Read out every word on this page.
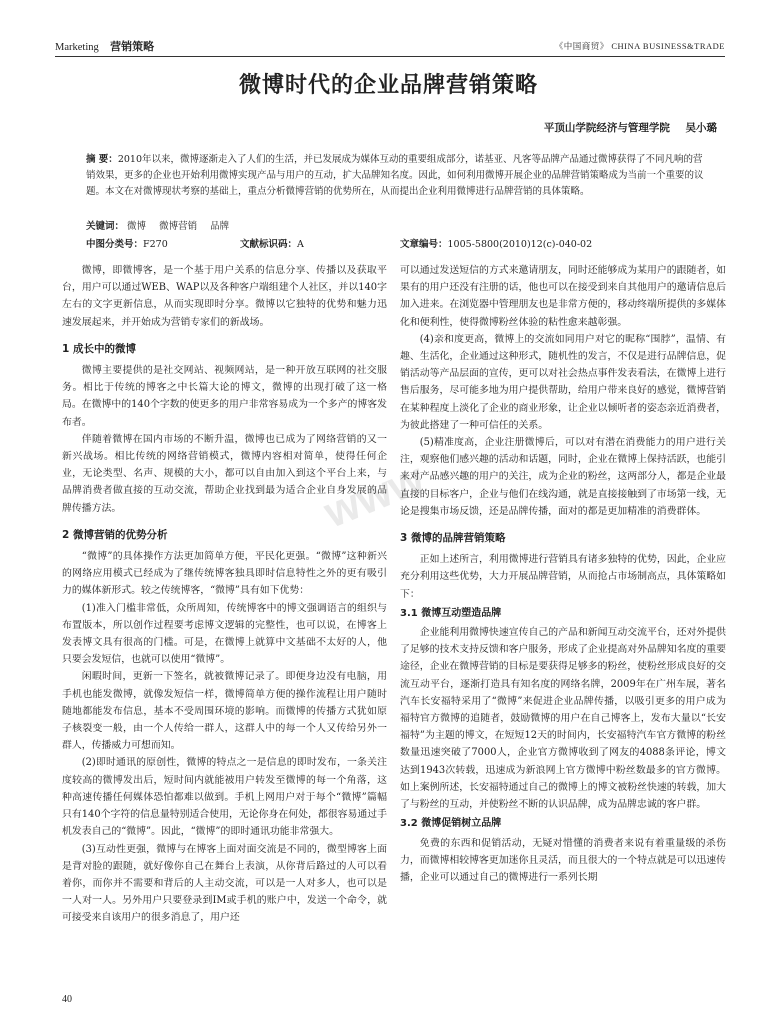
Marketing 营销策略	《中国商贸》 CHINA BUSINESS&TRADE
www
微博时代的企业品牌营销策略
平顶山学院经济与管理学院 吴小璐
摘 要：2010年以来，微博逐渐走入了人们的生活，并已发展成为媒体互动的重要组成部分，诺基亚、凡客等品牌产品通过微博获得了不同凡响的营销效果，更多的企业也开始利用微博实现产品与用户的互动，扩大品牌知名度。因此，如何利用微博开展企业的品牌营销策略成为当前一个重要的议题。本文在对微博现状考察的基础上，重点分析微博营销的优势所在，从而提出企业利用微博进行品牌营销的具体策略。
关键词： 微博 微博营销 品牌
中图分类号：F270	文献标识码：A	文章编号：1005-5800(2010)12(c)-040-02

微博，即微博客，是一个基于用户关系的信息分享、传播以及获取平台，用户可以通过WEB、WAP以及各种客户端组建个人社区，并以140字左右的文字更新信息，从而实现即时分享。微博以它独特的优势和魅力迅速发展起来，并开始成为营销专家们的新战场。

1 成长中的微博

微博主要提供的是社交网站、视频网站，是一种开放互联网的社交服务。相比于传统的博客之中长篇大论的博文，微博的出现打破了这一格局。在微博中的140个字数的使更多的用户非常容易成为一个多产的博客发布者。

伴随着微博在国内市场的不断升温，微博也已成为了网络营销的又一新兴战场。相比传统的网络营销模式，微博内容相对简单，使得任何企业，无论类型、名声、规模的大小，都可以自由加入到这个平台上来，与品牌消费者做直接的互动交流，帮助企业找到最为适合企业自身发展的品牌传播方法。

2 微博营销的优势分析

“微博”的具体操作方法更加简单方便，平民化更强。“微博”这种新兴的网络应用模式已经成为了继传统博客独具即时信息特性之外的更有吸引力的媒体新形式。较之传统博客，“微博”具有如下优势：

(1)准入门槛非常低，众所周知，传统博客中的博文强调语言的组织与布置版本，所以创作过程要考虑博文逻辑的完整性，也可以说，在博客上发表博文具有很高的门槛。可是，在微博上就算中文基础不太好的人，他只要会发短信，也就可以使用“微博”。

闲暇时间，更新一下签名，就被微博记录了。即便身边没有电脑，用手机也能发微博，就像发短信一样，微博简单方便的操作流程让用户随时随地都能发布信息，基本不受周围环境的影响。而微博的传播方式犹如原子核裂变一般，由一个人传给一群人，这群人中的每一个人又传给另外一群人，传播威力可想而知。

(2)即时通讯的原创性，微博的特点之一是信息的即时发布，一条关注度较高的微博发出后，短时间内就能被用户转发至微博的每一个角落，这种高速传播任何媒体恐怕都难以做到。手机上网用户对于每个“微博”篇幅只有140个字符的信息量特别适合使用，无论你身在何处，都很容易通过手机发表自己的“微博”。因此，“微博”的即时通讯功能非常强大。

(3)互动性更强，微博与在博客上面对面交流是不同的，微型博客上面是背对脸的跟随，就好像你自己在舞台上表演，从你背后路过的人可以看着你，而你并不需要和背后的人主动交流，可以是一人对多人，也可以是一人对一人。另外用户只要登录到IM或手机的账户中，发送一个命令，就可接受来自该用户的很多消息了，用户还

可以通过发送短信的方式来邀请朋友，同时还能够成为某用户的跟随者，如果有的用户还没有注册的话，他也可以在接受到来自其他用户的邀请信息后加入进来。在浏览器中管理朋友也是非常方便的，移动终端所提供的多媒体化和便利性，使得微博粉丝体验的粘性愈来越彰强。

(4)亲和度更高，微博上的交流如同用户对它的昵称“围脖”，温情、有趣、生活化，企业通过这种形式，随机性的发言，不仅是进行品牌信息，促销活动等产品层面的宣传，更可以对社会热点事件发表看法，在微博上进行售后服务，尽可能多地为用户提供帮助，给用户带来良好的感觉，微博营销在某种程度上淡化了企业的商业形象，让企业以倾听者的姿态亲近消费者，为彼此搭建了一种可信任的关系。

(5)精准度高，企业注册微博后，可以对有潜在消费能力的用户进行关注，观察他们感兴趣的活动和话题，同时，企业在微博上保持活跃，也能引来对产品感兴趣的用户的关注，成为企业的粉丝，这两部分人，都是企业最直接的目标客户，企业与他们在线沟通，就是直接接触到了市场第一线，无论是搜集市场反馈，还是品牌传播，面对的都是更加精准的消费群体。

3 微博的品牌营销策略

正如上述所言，利用微博进行营销具有诸多独特的优势，因此，企业应充分利用这些优势，大力开展品牌营销，从而抢占市场制高点，具体策略如下：

3.1 微博互动塑造品牌

企业能利用微博快速宣传自己的产品和新闻互动交流平台，还对外提供了足够的技术支持反馈和客户服务，形成了企业提高对外品牌知名度的重要途径，企业在微博营销的目标是要获得足够多的粉丝，使粉丝形成良好的交流互动平台，逐渐打造具有知名度的网络名牌，2009年在广州车展，著名汽车长安福特采用了“微博”来促进企业品牌传播，以吸引更多的用户成为福特官方微博的追随者，鼓励微博的用户在自己博客上，发布大量以“长安福特”为主题的博文，在短短12天的时间内，长安福特汽车官方微博的粉丝数量迅速突破了7000人，企业官方微博收到了网友的4088条评论，博文达到1943次转载，迅速成为新浪网上官方微博中粉丝数最多的官方微博。如上案例所述，长安福特通过自己的微博上的博文被粉丝快速的转载，加大了与粉丝的互动，并使粉丝不断的认识品牌，成为品牌忠诚的客户群。

3.2 微博促销树立品牌

免费的东西和促销活动，无疑对惜懂的消费者来说有着重量级的杀伤力，而微博相较博客更加迷你且灵活，而且很大的一个特点就是可以迅速传播，企业可以通过自己的微博进行一系列长期

40
